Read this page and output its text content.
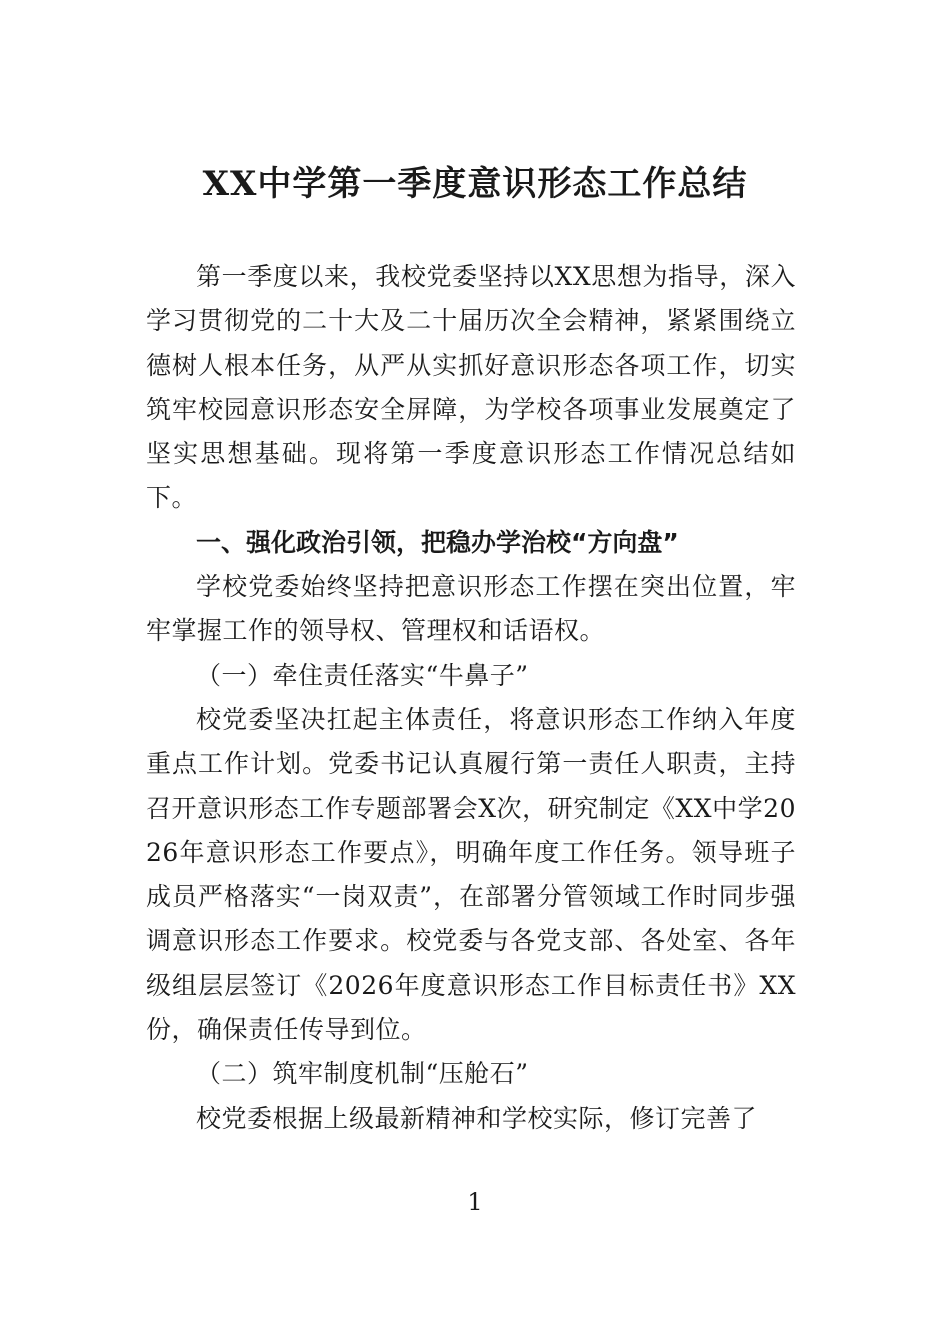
XX中学第一季度意识形态工作总结

第一季度以来，我校党委坚持以XX思想为指导，深入学习贯彻党的二十大及二十届历次全会精神，紧紧围绕立德树人根本任务，从严从实抓好意识形态各项工作，切实筑牢校园意识形态安全屏障，为学校各项事业发展奠定了坚实思想基础。现将第一季度意识形态工作情况总结如下。

一、强化政治引领，把稳办学治校“方向盘”

学校党委始终坚持把意识形态工作摆在突出位置，牢牢掌握工作的领导权、管理权和话语权。

（一）牵住责任落实“牛鼻子”

校党委坚决扛起主体责任，将意识形态工作纳入年度重点工作计划。党委书记认真履行第一责任人职责，主持召开意识形态工作专题部署会X次，研究制定《XX中学2026年意识形态工作要点》，明确年度工作任务。领导班子成员严格落实“一岗双责”，在部署分管领域工作时同步强调意识形态工作要求。校党委与各党支部、各处室、各年级组层层签订《2026年度意识形态工作目标责任书》XX份，确保责任传导到位。

（二）筑牢制度机制“压舱石”

校党委根据上级最新精神和学校实际，修订完善了

1
